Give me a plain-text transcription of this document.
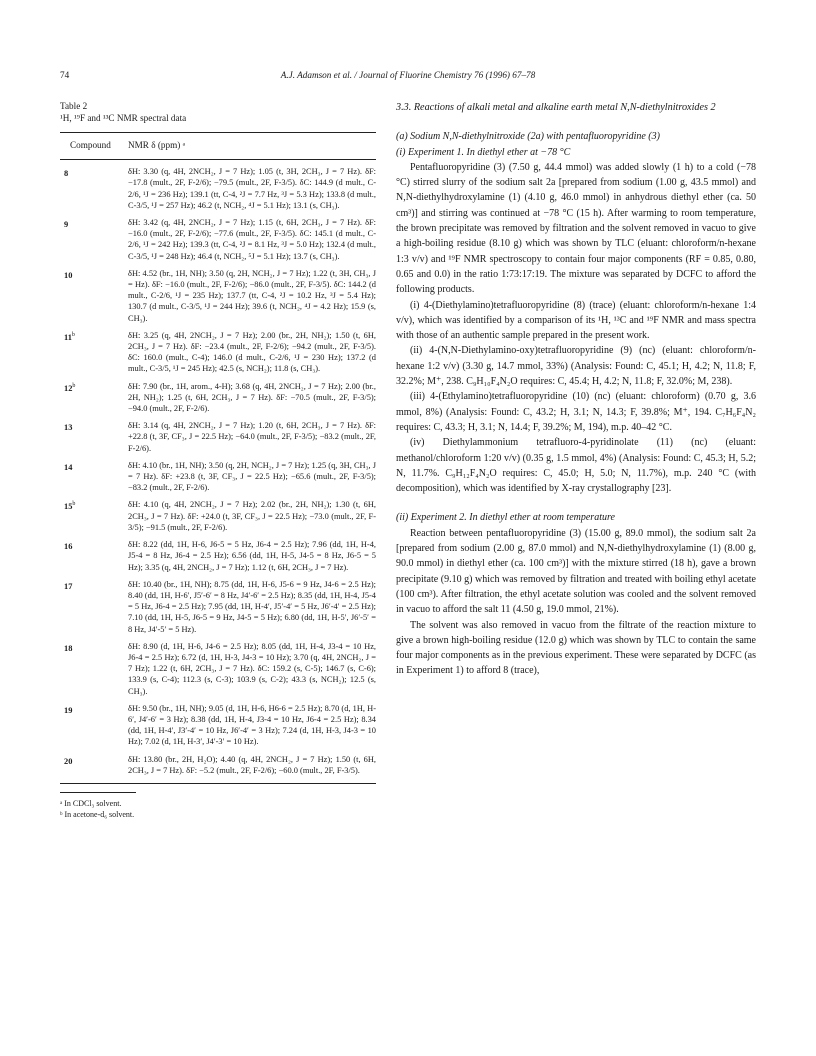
74	A.J. Adamson et al. / Journal of Fluorine Chemistry 76 (1996) 67–78
Table 2
¹H, ¹⁹F and ¹³C NMR spectral data
Compound	NMR δ (ppm) ᵃ
8	δH: 3.30 (q, 4H, 2NCH₂, J = 7 Hz); 1.05 (t, 3H, 2CH₃, J = 7 Hz). δF: −17.8 (mult., 2F, F-2/6); −79.5 (mult., 2F, F-3/5). δC: 144.9 (d mult., C-2/6, ¹J = 236 Hz); 139.1 (tt, C-4, ²J = 7.7 Hz, ³J = 5.3 Hz); 133.8 (d mult., C-3/5, ¹J = 257 Hz); 46.2 (t, NCH₂, ⁴J = 5.1 Hz); 13.1 (s, CH₃).
9	δH: 3.42 (q, 4H, 2NCH₂, J = 7 Hz); 1.15 (t, 6H, 2CH₃, J = 7 Hz). δF: −16.0 (mult., 2F, F-2/6); −77.6 (mult., 2F, F-3/5). δC: 145.1 (d mult., C-2/6, ¹J = 242 Hz); 139.3 (tt, C-4, ²J = 8.1 Hz, ³J = 5.0 Hz); 132.4 (d mult., C-3/5, ¹J = 248 Hz); 46.4 (t, NCH₂, ⁵J = 5.1 Hz); 13.7 (s, CH₃).
10	δH: 4.52 (br., 1H, NH); 3.50 (q, 2H, NCH₂, J = 7 Hz); 1.22 (t, 3H, CH₃, J = Hz). δF: −16.0 (mult., 2F, F-2/6); −86.0 (mult., 2F, F-3/5). δC: 144.2 (d mult., C-2/6, ¹J = 235 Hz); 137.7 (tt, C-4, ²J = 10.2 Hz, ³J = 5.4 Hz); 130.7 (d mult., C-3/5, ¹J = 244 Hz); 39.6 (t, NCH₂, ⁴J = 4.2 Hz); 15.9 (s, CH₃).
11$^b$	δH: 3.25 (q, 4H, 2NCH₂, J = 7 Hz); 2.00 (br., 2H, NH₂); 1.50 (t, 6H, 2CH₃, J = 7 Hz). δF: −23.4 (mult., 2F, F-2/6); −94.2 (mult., 2F, F-3/5). δC: 160.0 (mult., C-4); 146.0 (d mult., C-2/6, ¹J = 230 Hz); 137.2 (d mult., C-3/5, ¹J = 245 Hz); 42.5 (s, NCH₂); 11.8 (s, CH₃).
12$^b$	δH: 7.90 (br., 1H, arom., 4-H); 3.68 (q, 4H, 2NCH₂, J = 7 Hz); 2.00 (br., 2H, NH₂); 1.25 (t, 6H, 2CH₃, J = 7 Hz). δF: −70.5 (mult., 2F, F-3/5); −94.0 (mult., 2F, F-2/6).
13	δH: 3.14 (q, 4H, 2NCH₂, J = 7 Hz); 1.20 (t, 6H, 2CH₃, J = 7 Hz). δF: +22.8 (t, 3F, CF₃, J = 22.5 Hz); −64.0 (mult., 2F, F-3/5); −83.2 (mult., 2F, F-2/6).
14	δH: 4.10 (br., 1H, NH); 3.50 (q, 2H, NCH₂, J = 7 Hz); 1.25 (q, 3H, CH₃, J = 7 Hz). δF: +23.8 (t, 3F, CF₃, J = 22.5 Hz); −65.6 (mult., 2F, F-3/5); −83.2 (mult., 2F, F-2/6).
15$^b$	δH: 4.10 (q, 4H, 2NCH₂, J = 7 Hz); 2.02 (br., 2H, NH₂); 1.30 (t, 6H, 2CH₃, J = 7 Hz). δF: +24.0 (t, 3F, CF₃, J = 22.5 Hz); −73.0 (mult., 2F, F-3/5); −91.5 (mult., 2F, F-2/6).
16	δH: 8.22 (dd, 1H, H-6, J6-5 = 5 Hz, J6-4 = 2.5 Hz); 7.96 (dd, 1H, H-4, J5-4 = 8 Hz, J6-4 = 2.5 Hz); 6.56 (dd, 1H, H-5, J4-5 = 8 Hz, J6-5 = 5 Hz); 3.35 (q, 4H, 2NCH₂, J = 7 Hz); 1.12 (t, 6H, 2CH₃, J = 7 Hz).
17	δH: 10.40 (br., 1H, NH); 8.75 (dd, 1H, H-6, J5-6 = 9 Hz, J4-6 = 2.5 Hz); 8.40 (dd, 1H, H-6′, J5′-6′ = 8 Hz, J4′-6′ = 2.5 Hz); 8.35 (dd, 1H, H-4, J5-4 = 5 Hz, J6-4 = 2.5 Hz); 7.95 (dd, 1H, H-4′, J5′-4′ = 5 Hz, J6′-4′ = 2.5 Hz); 7.10 (dd, 1H, H-5, J6-5 = 9 Hz, J4-5 = 5 Hz); 6.80 (dd, 1H, H-5′, J6′-5′ = 8 Hz, J4′-5′ = 5 Hz).
18	δH: 8.90 (d, 1H, H-6, J4-6 = 2.5 Hz); 8.05 (dd, 1H, H-4, J3-4 = 10 Hz, J6-4 = 2.5 Hz); 6.72 (d, 1H, H-3, J4-3 = 10 Hz); 3.70 (q, 4H, 2NCH₂, J = 7 Hz); 1.22 (t, 6H, 2CH₃, J = 7 Hz). δC: 159.2 (s, C-5); 146.7 (s, C-6); 133.9 (s, C-4); 112.3 (s, C-3); 103.9 (s, C-2); 43.3 (s, NCH₂); 12.5 (s, CH₃).
19	δH: 9.50 (br., 1H, NH); 9.05 (d, 1H, H-6, H6-6 = 2.5 Hz); 8.70 (d, 1H, H-6′, J4′-6′ = 3 Hz); 8.38 (dd, 1H, H-4, J3-4 = 10 Hz, J6-4 = 2.5 Hz); 8.34 (dd, 1H, H-4′, J3′-4′ = 10 Hz, J6′-4′ = 3 Hz); 7.24 (d, 1H, H-3, J4-3 = 10 Hz); 7.02 (d, 1H, H-3′, J4′-3′ = 10 Hz).
20	δH: 13.80 (br., 2H, H₂O); 4.40 (q, 4H, 2NCH₂, J = 7 Hz); 1.50 (t, 6H, 2CH₃, J = 7 Hz). δF: −5.2 (mult., 2F, F-2/6); −60.0 (mult., 2F, F-3/5).
ᵃ In CDCl₃ solvent.
ᵇ In acetone-d₆ solvent.

3.3. Reactions of alkali metal and alkaline earth metal N,N-diethylnitroxides 2

(a) Sodium N,N-diethylnitroxide (2a) with pentafluoropyridine (3)

(i) Experiment 1. In diethyl ether at −78 °C

Pentafluoropyridine (3) (7.50 g, 44.4 mmol) was added slowly (1 h) to a cold (−78 °C) stirred slurry of the sodium salt 2a [prepared from sodium (1.00 g, 43.5 mmol) and N,N-diethylhydroxylamine (1) (4.10 g, 46.0 mmol) in anhydrous diethyl ether (ca. 50 cm³)] and stirring was continued at −78 °C (15 h). After warming to room temperature, the brown precipitate was removed by filtration and the solvent removed in vacuo to give a high-boiling residue (8.10 g) which was shown by TLC (eluant: chloroform/n-hexane 1:3 v/v) and ¹⁹F NMR spectroscopy to contain four major components (RF = 0.85, 0.80, 0.65 and 0.0) in the ratio 1:73:17:19. The mixture was separated by DCFC to afford the following products.

(i) 4-(Diethylamino)tetrafluoropyridine (8) (trace) (eluant: chloroform/n-hexane 1:4 v/v), which was identified by a comparison of its ¹H, ¹³C and ¹⁹F NMR and mass spectra with those of an authentic sample prepared in the present work.

(ii) 4-(N,N-Diethylamino-oxy)tetrafluoropyridine (9) (nc) (eluant: chloroform/n-hexane 1:2 v/v) (3.30 g, 14.7 mmol, 33%) (Analysis: Found: C, 45.1; H, 4.2; N, 11.8; F, 32.2%; M⁺, 238. C₉H₁₀F₄N₂O requires: C, 45.4; H, 4.2; N, 11.8; F, 32.0%; M, 238).

(iii) 4-(Ethylamino)tetrafluoropyridine (10) (nc) (eluant: chloroform) (0.70 g, 3.6 mmol, 8%) (Analysis: Found: C, 43.2; H, 3.1; N, 14.3; F, 39.8%; M⁺, 194. C₇H₆F₄N₂ requires: C, 43.3; H, 3.1; N, 14.4; F, 39.2%; M, 194), m.p. 40–42 °C.

(iv) Diethylammonium tetrafluoro-4-pyridinolate (11) (nc) (eluant: methanol/chloroform 1:20 v/v) (0.35 g, 1.5 mmol, 4%) (Analysis: Found: C, 45.3; H, 5.2; N, 11.7%. C₉H₁₂F₄N₂O requires: C, 45.0; H, 5.0; N, 11.7%), m.p. 240 °C (with decomposition), which was identified by X-ray crystallography [23].

(ii) Experiment 2. In diethyl ether at room temperature

Reaction between pentafluoropyridine (3) (15.00 g, 89.0 mmol), the sodium salt 2a [prepared from sodium (2.00 g, 87.0 mmol) and N,N-diethylhydroxylamine (1) (8.00 g, 90.0 mmol) in diethyl ether (ca. 100 cm³)] with the mixture stirred (18 h), gave a brown precipitate (9.10 g) which was removed by filtration and treated with boiling ethyl acetate (100 cm³). After filtration, the ethyl acetate solution was cooled and the solvent removed in vacuo to afford the salt 11 (4.50 g, 19.0 mmol, 21%).

The solvent was also removed in vacuo from the filtrate of the reaction mixture to give a brown high-boiling residue (12.0 g) which was shown by TLC to contain the same four major components as in the previous experiment. These were separated by DCFC (as in Experiment 1) to afford 8 (trace),
